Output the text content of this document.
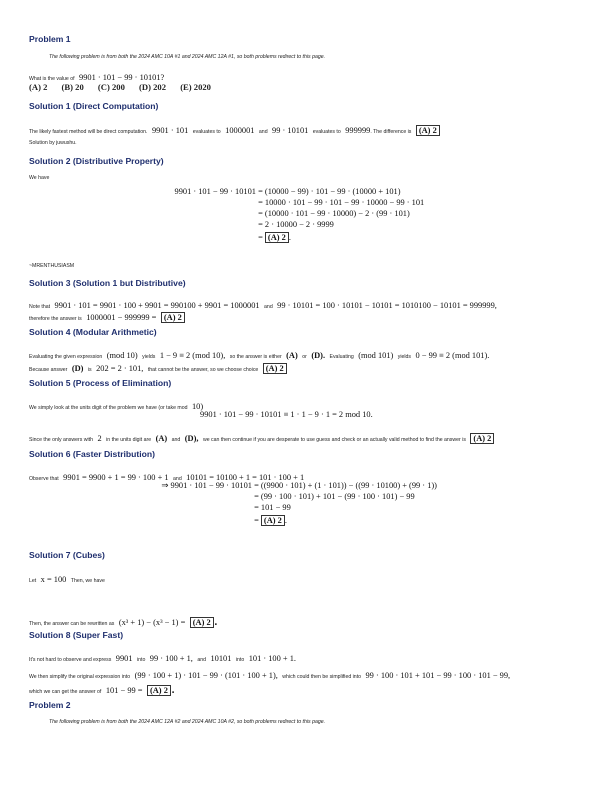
Problem 1
The following problem is from both the 2024 AMC 10A #1 and 2024 AMC 12A #1, so both problems redirect to this page.
What is the value of 9901 · 101 − 99 · 10101?
(A) 2 (B) 20 (C) 200 (D) 202 (E) 2020
Solution 1 (Direct Computation)
The likely fastest method will be direct computation. 9901 · 101 evaluates to 1000001 and 99 · 10101 evaluates to 999999. The difference is (A) 2
Solution by juwushu.
Solution 2 (Distributive Property)
We have
9901 · 101 − 99 · 10101 = (10000 − 99) · 101 − 99 · (10000 + 101)
= 10000 · 101 − 99 · 101 − 99 · 10000 − 99 · 101
= (10000 · 101 − 99 · 10000) − 2 · (99 · 101)
= 2 · 10000 − 2 · 9999
= (A) 2 .
~MRENTHUSIASM
Solution 3 (Solution 1 but Distributive)
Note that 9901 · 101 = 9901 · 100 + 9901 = 990100 + 9901 = 1000001 and 99 · 10101 = 100 · 10101 − 10101 = 1010100 − 10101 = 999999,
therefore the answer is 1000001 − 999999 = (A) 2
Solution 4 (Modular Arithmetic)
Evaluating the given expression (mod 10) yields 1 − 9 ≡ 2 (mod 10), so the answer is either (A) or (D). Evaluating (mod 101) yields 0 − 99 ≡ 2 (mod 101).
Because answer (D) is 202 = 2 · 101, that cannot be the answer, so we choose choice (A) 2
Solution 5 (Process of Elimination)
We simply look at the units digit of the problem we have (or take mod 10)
9901 · 101 − 99 · 10101 ≡ 1 · 1 − 9 · 1 = 2 mod 10.
Since the only answers with 2 in the units digit are (A) and (D), we can then continue if you are desperate to use guess and check or an actually valid method to find the answer is (A) 2
Solution 6 (Faster Distribution)
Observe that 9901 = 9900 + 1 = 99 · 100 + 1 and 10101 = 10100 + 1 = 101 · 100 + 1
⇒ 9901 · 101 − 99 · 10101 = ((9900 · 101) + (1 · 101)) − ((99 · 10100) + (99 · 1))
= (99 · 100 · 101) + 101 − (99 · 100 · 101) − 99
= 101 − 99
= (A) 2 .
Solution 7 (Cubes)
Let x = 100 Then, we have
Then, the answer can be rewritten as (x³ + 1) − (x³ − 1) = (A) 2 .
Solution 8 (Super Fast)
It's not hard to observe and express 9901 into 99 · 100 + 1, and 10101 into 101 · 100 + 1.
We then simplify the original expression into (99 · 100 + 1) · 101 − 99 · (101 · 100 + 1), which could then be simplified into 99 · 100 · 101 + 101 − 99 · 100 · 101 − 99,
which we can get the answer of 101 − 99 = (A) 2 .
Problem 2
The following problem is from both the 2024 AMC 12A #2 and 2024 AMC 10A #2, so both problems redirect to this page.
